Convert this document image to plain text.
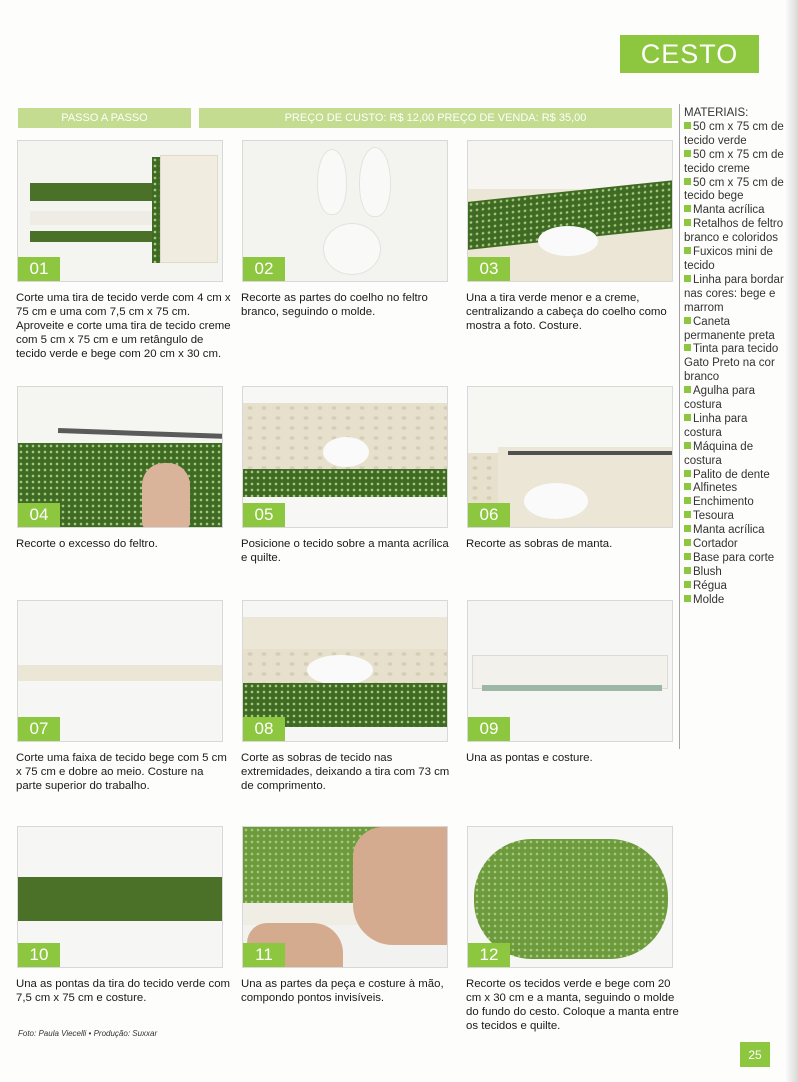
CESTO
PASSO A PASSO	PREÇO DE CUSTO: R$ 12,00 PREÇO DE VENDA: R$ 35,00	MATERIAIS:
50 cm x 75 cm de tecido verde
50 cm x 75 cm de tecido creme
50 cm x 75 cm de tecido bege
Manta acrílica
Retalhos de feltro branco e coloridos
Fuxicos mini de tecido
Linha para bordar nas cores: bege e marrom
Caneta permanente preta
Tinta para tecido Gato Preto na cor branco
Agulha para costura
Linha para costura
Máquina de costura
Palito de dente
Alfinetes
Enchimento
Tesoura
Manta acrílica
Cortador
Base para corte
Blush
Régua
Molde
01
Corte uma tira de tecido verde com 4 cm x 75 cm e uma com 7,5 cm x 75 cm. Aproveite e corte uma tira de tecido creme com 5 cm x 75 cm e um retângulo de tecido verde e bege com 20 cm x 30 cm.
02
Recorte as partes do coelho no feltro branco, seguindo o molde.
03
Una a tira verde menor e a creme, centralizando a cabeça do coelho como mostra a foto. Costure.
04
Recorte o excesso do feltro.
05
Posicione o tecido sobre a manta acrílica e quilte.
06
Recorte as sobras de manta.
07
Corte uma faixa de tecido bege com 5 cm x 75 cm e dobre ao meio. Costure na parte superior do trabalho.
08
Corte as sobras de tecido nas extremidades, deixando a tira com 73 cm de comprimento.
09
Una as pontas e costure.
10
Una as pontas da tira do tecido verde com 7,5 cm x 75 cm e costure.
11
Una as partes da peça e costure à mão, compondo pontos invisíveis.
12
Recorte os tecidos verde e bege com 20 cm x 30 cm e a manta, seguindo o molde do fundo do cesto. Coloque a manta entre os tecidos e quilte.
Foto: Paula Viecelli • Produção: Suxxar
25
